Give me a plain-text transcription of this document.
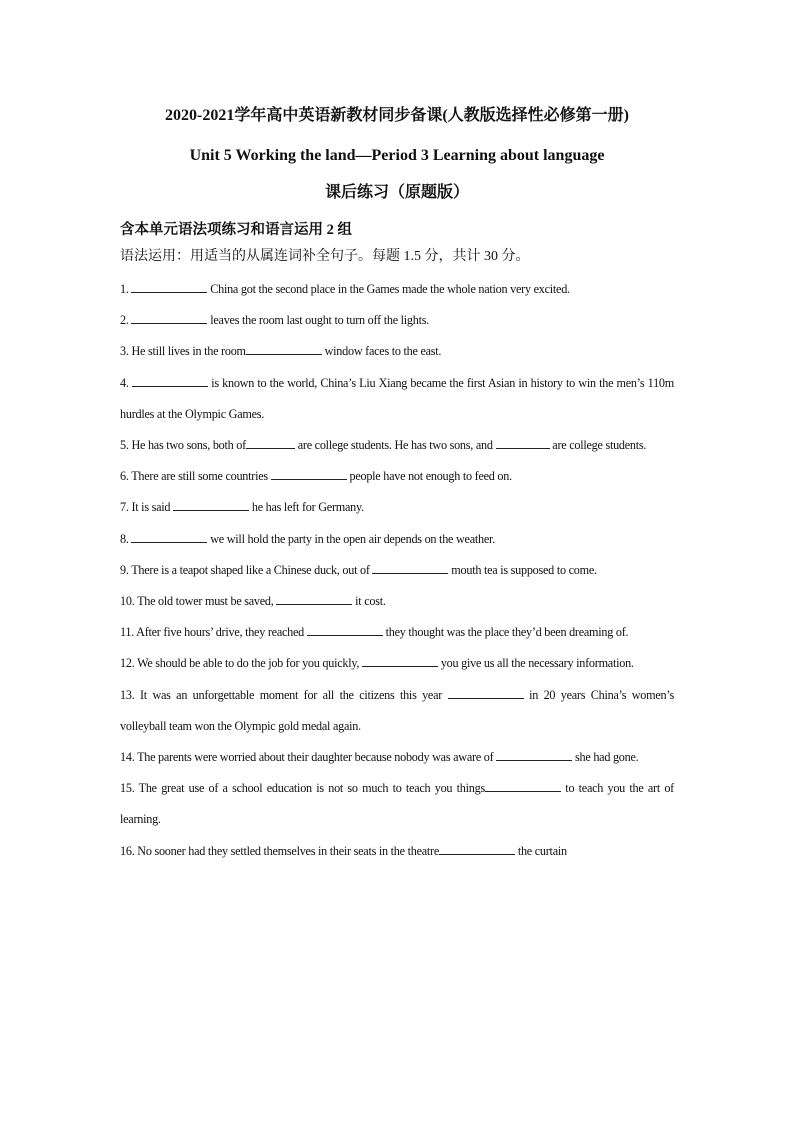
2020-2021学年高中英语新教材同步备课(人教版选择性必修第一册)
Unit 5 Working the land—Period 3 Learning about language
课后练习（原题版）
含本单元语法项练习和语言运用 2 组
语法运用：用适当的从属连词补全句子。每题 1.5 分，共计 30 分。
1.	China got the second place in the Games made the whole nation very excited.
2.	leaves the room last ought to turn off the lights.
3. He still lives in the room	window faces to the east.
4.	is known to the world, China’s Liu Xiang became the first Asian in history to win the men’s 110m hurdles at the Olympic Games.
5. He has two sons, both of	are college students. He has two sons, and	are college students.
6. There are still some countries	people have not enough to feed on.
7. It is said	he has left for Germany.
8.	we will hold the party in the open air depends on the weather.
9. There is a teapot shaped like a Chinese duck, out of	mouth tea is supposed to come.
10. The old tower must be saved,	it cost.
11. After five hours’ drive, they reached	they thought was the place they’d been dreaming of.
12. We should be able to do the job for you quickly,	you give us all the necessary information.
13. It was an unforgettable moment for all the citizens this year	in 20 years China’s women’s volleyball team won the Olympic gold medal again.
14. The parents were worried about their daughter because nobody was aware of	she had gone.
15. The great use of a school education is not so much to teach you things	to teach you the art of learning.
16. No sooner had they settled themselves in their seats in the theatre	the curtain
